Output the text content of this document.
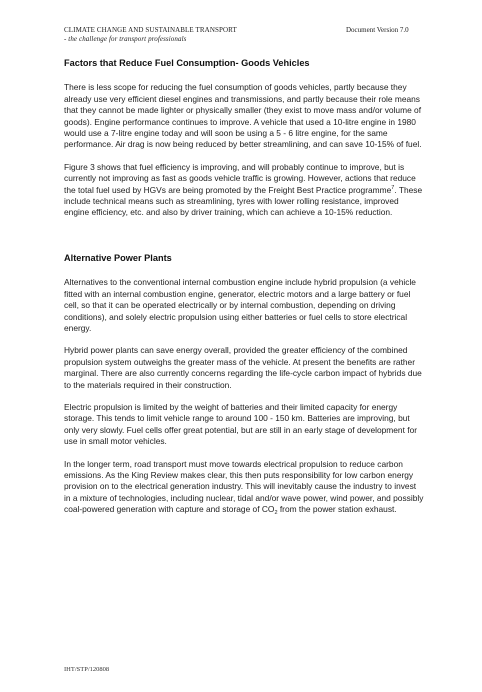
CLIMATE CHANGE AND SUSTAINABLE TRANSPORT
- the challenge for transport professionals
Document Version 7.0
Factors that Reduce Fuel Consumption- Goods Vehicles

There is less scope for reducing the fuel consumption of goods vehicles, partly because they already use very efficient diesel engines and transmissions, and partly because their role means that they cannot be made lighter or physically smaller (they exist to move mass and/or volume of goods). Engine performance continues to improve. A vehicle that used a 10-litre engine in 1980 would use a 7-litre engine today and will soon be using a 5 - 6 litre engine, for the same performance. Air drag is now being reduced by better streamlining, and can save 10-15% of fuel.

Figure 3 shows that fuel efficiency is improving, and will probably continue to improve, but is currently not improving as fast as goods vehicle traffic is growing. However, actions that reduce the total fuel used by HGVs are being promoted by the Freight Best Practice programme$^7$. These include technical means such as streamlining, tyres with lower rolling resistance, improved engine efficiency, etc. and also by driver training, which can achieve a 10-15% reduction.

Alternative Power Plants

Alternatives to the conventional internal combustion engine include hybrid propulsion (a vehicle fitted with an internal combustion engine, generator, electric motors and a large battery or fuel cell, so that it can be operated electrically or by internal combustion, depending on driving conditions), and solely electric propulsion using either batteries or fuel cells to store electrical energy.

Hybrid power plants can save energy overall, provided the greater efficiency of the combined propulsion system outweighs the greater mass of the vehicle. At present the benefits are rather marginal. There are also currently concerns regarding the life-cycle carbon impact of hybrids due to the materials required in their construction.

Electric propulsion is limited by the weight of batteries and their limited capacity for energy storage. This tends to limit vehicle range to around 100 - 150 km. Batteries are improving, but only very slowly. Fuel cells offer great potential, but are still in an early stage of development for use in small motor vehicles.

In the longer term, road transport must move towards electrical propulsion to reduce carbon emissions. As the King Review makes clear, this then puts responsibility for low carbon energy provision on to the electrical generation industry. This will inevitably cause the industry to invest in a mixture of technologies, including nuclear, tidal and/or wave power, wind power, and possibly coal-powered generation with capture and storage of $CO_2$ from the power station exhaust.

IHT/STP/120808
